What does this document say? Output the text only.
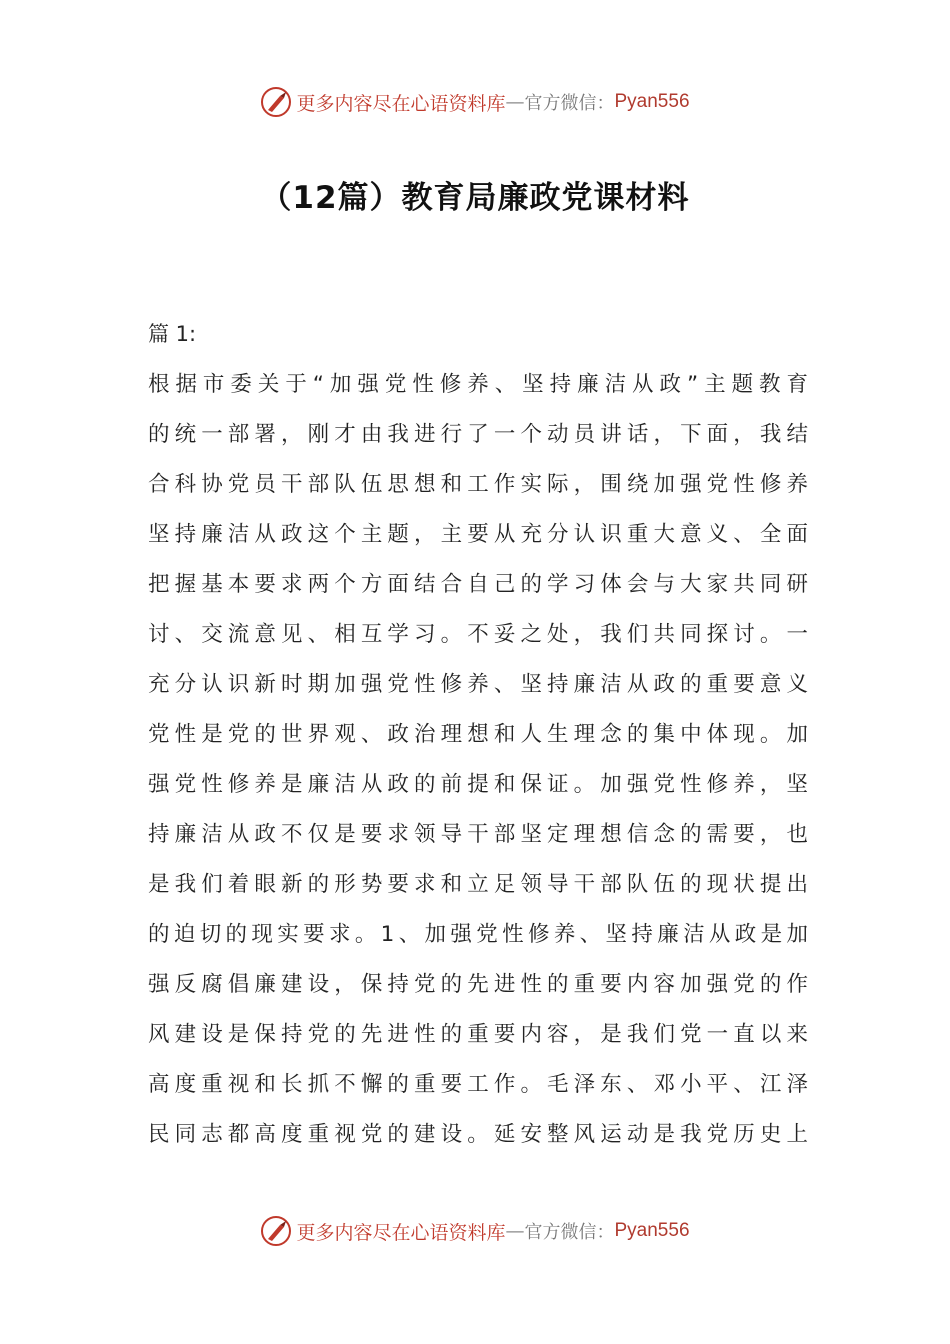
更多内容尽在心语资料库 — 官方微信： Pyan556
（12篇）教育局廉政党课材料
篇 1:
根据市委关于“加强党性修养、坚持廉洁从政”主题教育
的统一部署，刚才由我进行了一个动员讲话，下面，我结
合科协党员干部队伍思想和工作实际，围绕加强党性修养
坚持廉洁从政这个主题，主要从充分认识重大意义、全面
把握基本要求两个方面结合自己的学习体会与大家共同研
讨、交流意见、相互学习。不妥之处，我们共同探讨。一
充分认识新时期加强党性修养、坚持廉洁从政的重要意义
党性是党的世界观、政治理想和人生理念的集中体现。加
强党性修养是廉洁从政的前提和保证。加强党性修养，坚
持廉洁从政不仅是要求领导干部坚定理想信念的需要，也
是我们着眼新的形势要求和立足领导干部队伍的现状提出
的迫切的现实要求。1、加强党性修养、坚持廉洁从政是加
强反腐倡廉建设，保持党的先进性的重要内容加强党的作
风建设是保持党的先进性的重要内容，是我们党一直以来
高度重视和长抓不懈的重要工作。毛泽东、邓小平、江泽
民同志都高度重视党的建设。延安整风运动是我党历史上
更多内容尽在心语资料库 — 官方微信： Pyan556
